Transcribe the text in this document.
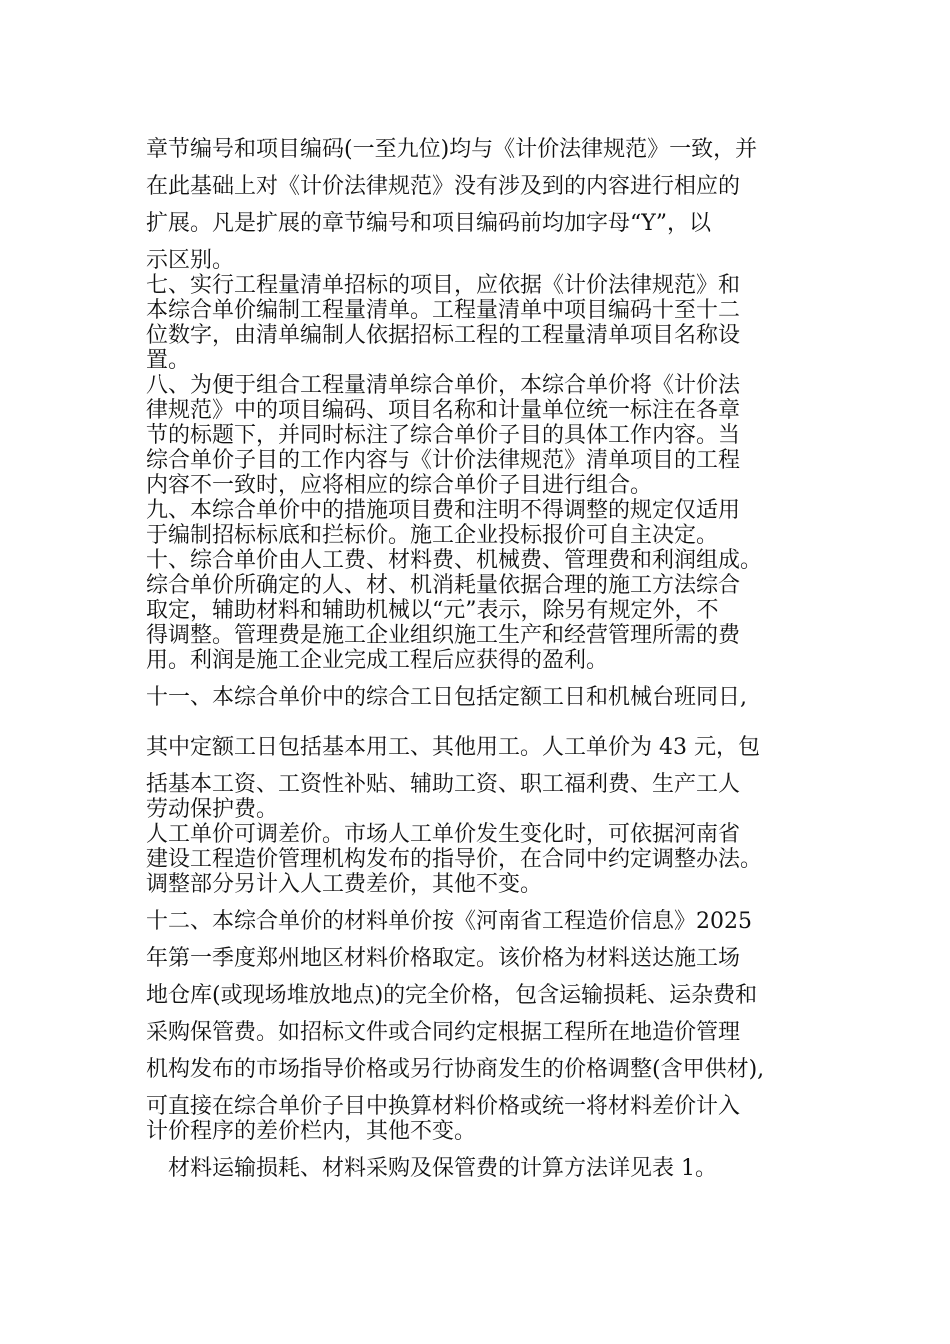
章节编号和项目编码(一至九位)均与《计价法律规范》一致，并
在此基础上对《计价法律规范》没有涉及到的内容进行相应的
扩展。凡是扩展的章节编号和项目编码前均加字母“Y”，以
示区别。
七、实行工程量清单招标的项目，应依据《计价法律规范》和
本综合单价编制工程量清单。工程量清单中项目编码十至十二
位数字，由清单编制人依据招标工程的工程量清单项目名称设
置。
八、为便于组合工程量清单综合单价，本综合单价将《计价法
律规范》中的项目编码、项目名称和计量单位统一标注在各章
节的标题下，并同时标注了综合单价子目的具体工作内容。当
综合单价子目的工作内容与《计价法律规范》清单项目的工程
内容不一致时，应将相应的综合单价子目进行组合。
九、本综合单价中的措施项目费和注明不得调整的规定仅适用
于编制招标标底和拦标价。施工企业投标报价可自主决定。
十、综合单价由人工费、材料费、机械费、管理费和利润组成。
综合单价所确定的人、材、机消耗量依据合理的施工方法综合
取定，辅助材料和辅助机械以“元”表示，除另有规定外，不
得调整。管理费是施工企业组织施工生产和经营管理所需的费
用。利润是施工企业完成工程后应获得的盈利。
十一、本综合单价中的综合工日包括定额工日和机械台班同日,
其中定额工日包括基本用工、其他用工。人工单价为 43 元，包
括基本工资、工资性补贴、辅助工资、职工福利费、生产工人
劳动保护费。
人工单价可调差价。市场人工单价发生变化时，可依据河南省
建设工程造价管理机构发布的指导价，在合同中约定调整办法。
调整部分另计入人工费差价，其他不变。
十二、本综合单价的材料单价按《河南省工程造价信息》2025
年第一季度郑州地区材料价格取定。该价格为材料送达施工场
地仓库(或现场堆放地点)的完全价格，包含运输损耗、运杂费和
采购保管费。如招标文件或合同约定根据工程所在地造价管理
机构发布的市场指导价格或另行协商发生的价格调整(含甲供材),
可直接在综合单价子目中换算材料价格或统一将材料差价计入
计价程序的差价栏内，其他不变。
材料运输损耗、材料采购及保管费的计算方法详见表 1。
